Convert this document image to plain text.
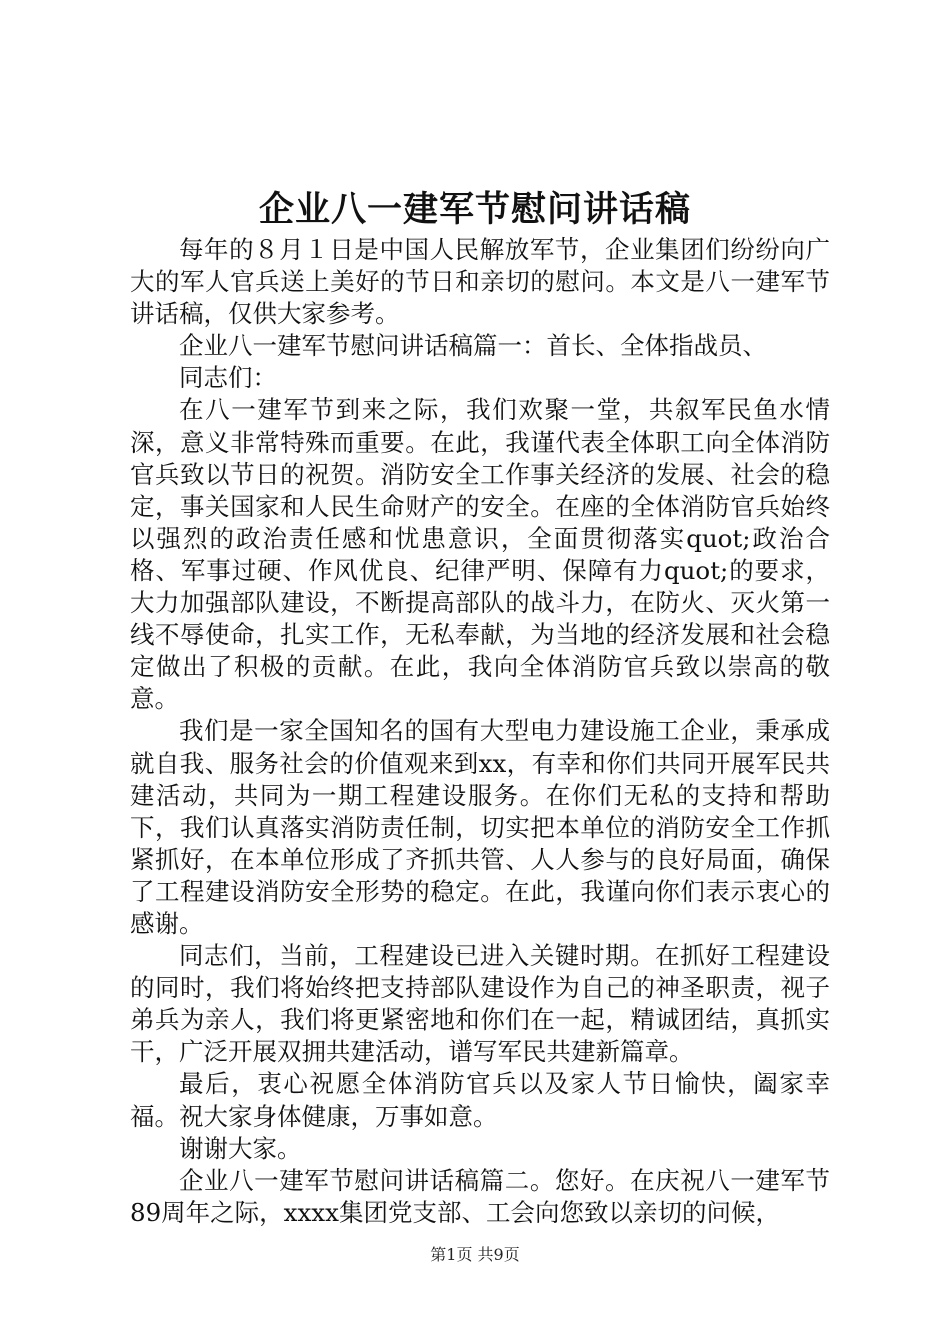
企业八一建军节慰问讲话稿

每年的８月１日是中国人民解放军节，企业集团们纷纷向广大的军人官兵送上美好的节日和亲切的慰问。本文是八一建军节讲话稿，仅供大家参考。

企业八一建军节慰问讲话稿篇一：首长、全体指战员、

同志们：

在八一建军节到来之际，我们欢聚一堂，共叙军民鱼水情深，意义非常特殊而重要。在此，我谨代表全体职工向全体消防官兵致以节日的祝贺。消防安全工作事关经济的发展、社会的稳定，事关国家和人民生命财产的安全。在座的全体消防官兵始终以强烈的政治责任感和忧患意识，全面贯彻落实quot;政治合格、军事过硬、作风优良、纪律严明、保障有力quot;的要求，大力加强部队建设，不断提高部队的战斗力，在防火、灭火第一线不辱使命，扎实工作，无私奉献，为当地的经济发展和社会稳定做出了积极的贡献。在此，我向全体消防官兵致以崇高的敬意。

我们是一家全国知名的国有大型电力建设施工企业，秉承成就自我、服务社会的价值观来到xx，有幸和你们共同开展军民共建活动，共同为一期工程建设服务。在你们无私的支持和帮助下，我们认真落实消防责任制，切实把本单位的消防安全工作抓紧抓好，在本单位形成了齐抓共管、人人参与的良好局面，确保了工程建设消防安全形势的稳定。在此，我谨向你们表示衷心的感谢。

同志们，当前，工程建设已进入关键时期。在抓好工程建设的同时，我们将始终把支持部队建设作为自己的神圣职责，视子弟兵为亲人，我们将更紧密地和你们在一起，精诚团结，真抓实干，广泛开展双拥共建活动，谱写军民共建新篇章。

最后，衷心祝愿全体消防官兵以及家人节日愉快，阖家幸福。祝大家身体健康，万事如意。

谢谢大家。

企业八一建军节慰问讲话稿篇二。您好。在庆祝八一建军节89周年之际，xxxx集团党支部、工会向您致以亲切的问候，

第1页 共9页
